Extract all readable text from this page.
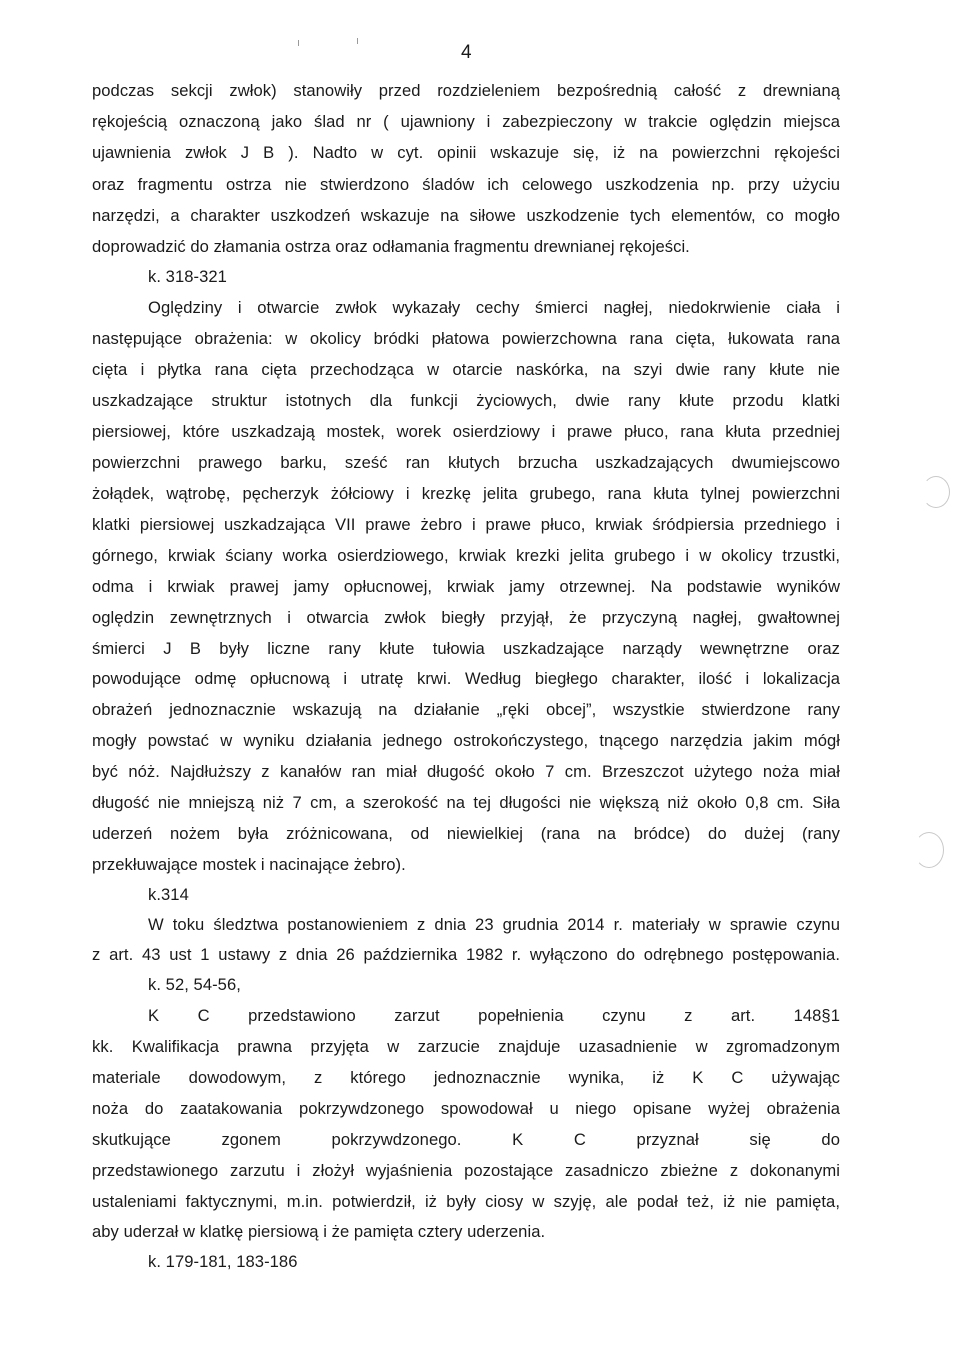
4
podczas sekcji zwłok) stanowiły przed rozdzieleniem bezpośrednią całość z drewnianą
rękojeścią oznaczoną jako ślad nr ( ujawniony i zabezpieczony w trakcie oględzin miejsca
ujawnienia zwłok J B ). Nadto w cyt. opinii wskazuje się, iż na powierzchni rękojeści
oraz fragmentu ostrza nie stwierdzono śladów ich celowego uszkodzenia np. przy użyciu
narzędzi, a charakter uszkodzeń wskazuje na siłowe uszkodzenie tych elementów, co mogło
doprowadzić do złamania ostrza oraz odłamania fragmentu drewnianej rękojeści.
k. 318-321
Oględziny i otwarcie zwłok wykazały cechy śmierci nagłej, niedokrwienie ciała i
następujące obrażenia: w okolicy bródki płatowa powierzchowna rana cięta, łukowata rana
cięta i płytka rana cięta przechodząca w otarcie naskórka, na szyi dwie rany kłute nie
uszkadzające struktur istotnych dla funkcji życiowych, dwie rany kłute przodu klatki
piersiowej, które uszkadzają mostek, worek osierdziowy i prawe płuco, rana kłuta przedniej
powierzchni prawego barku, sześć ran kłutych brzucha uszkadzających dwumiejscowo
żołądek, wątrobę, pęcherzyk żółciowy i krezkę jelita grubego, rana kłuta tylnej powierzchni
klatki piersiowej uszkadzająca VII prawe żebro i prawe płuco, krwiak śródpiersia przedniego i
górnego, krwiak ściany worka osierdziowego, krwiak krezki jelita grubego i w okolicy trzustki,
odma i krwiak prawej jamy opłucnowej, krwiak jamy otrzewnej. Na podstawie wyników
oględzin zewnętrznych i otwarcia zwłok biegły przyjął, że przyczyną nagłej, gwałtownej
śmierci J B były liczne rany kłute tułowia uszkadzające narządy wewnętrzne oraz
powodujące odmę opłucnową i utratę krwi. Według biegłego charakter, ilość i lokalizacja
obrażeń jednoznacznie wskazują na działanie „ręki obcej”, wszystkie stwierdzone rany
mogły powstać w wyniku działania jednego ostrokończystego, tnącego narzędzia jakim mógł
być nóż. Najdłuższy z kanałów ran miał długość około 7 cm. Brzeszczot użytego noża miał
długość nie mniejszą niż 7 cm, a szerokość na tej długości nie większą niż około 0,8 cm. Siła
uderzeń nożem była zróżnicowana, od niewielkiej (rana na bródce) do dużej (rany
przekłuwające mostek i nacinające żebro).
k.314
W toku śledztwa postanowieniem z dnia 23 grudnia 2014 r. materiały w sprawie czynu
z art. 43 ust 1 ustawy z dnia 26 października 1982 r. wyłączono do odrębnego postępowania.
k. 52, 54-56,
K C przedstawiono zarzut popełnienia czynu z art. 148§1
kk. Kwalifikacja prawna przyjęta w zarzucie znajduje uzasadnienie w zgromadzonym
materiale dowodowym, z którego jednoznacznie wynika, iż K C używając
noża do zaatakowania pokrzywdzonego spowodował u niego opisane wyżej obrażenia
skutkujące zgonem pokrzywdzonego. K C przyznał się do
przedstawionego zarzutu i złożył wyjaśnienia pozostające zasadniczo zbieżne z dokonanymi
ustaleniami faktycznymi, m.in. potwierdził, iż były ciosy w szyję, ale podał też, iż nie pamięta,
aby uderzał w klatkę piersiową i że pamięta cztery uderzenia.
k. 179-181, 183-186
